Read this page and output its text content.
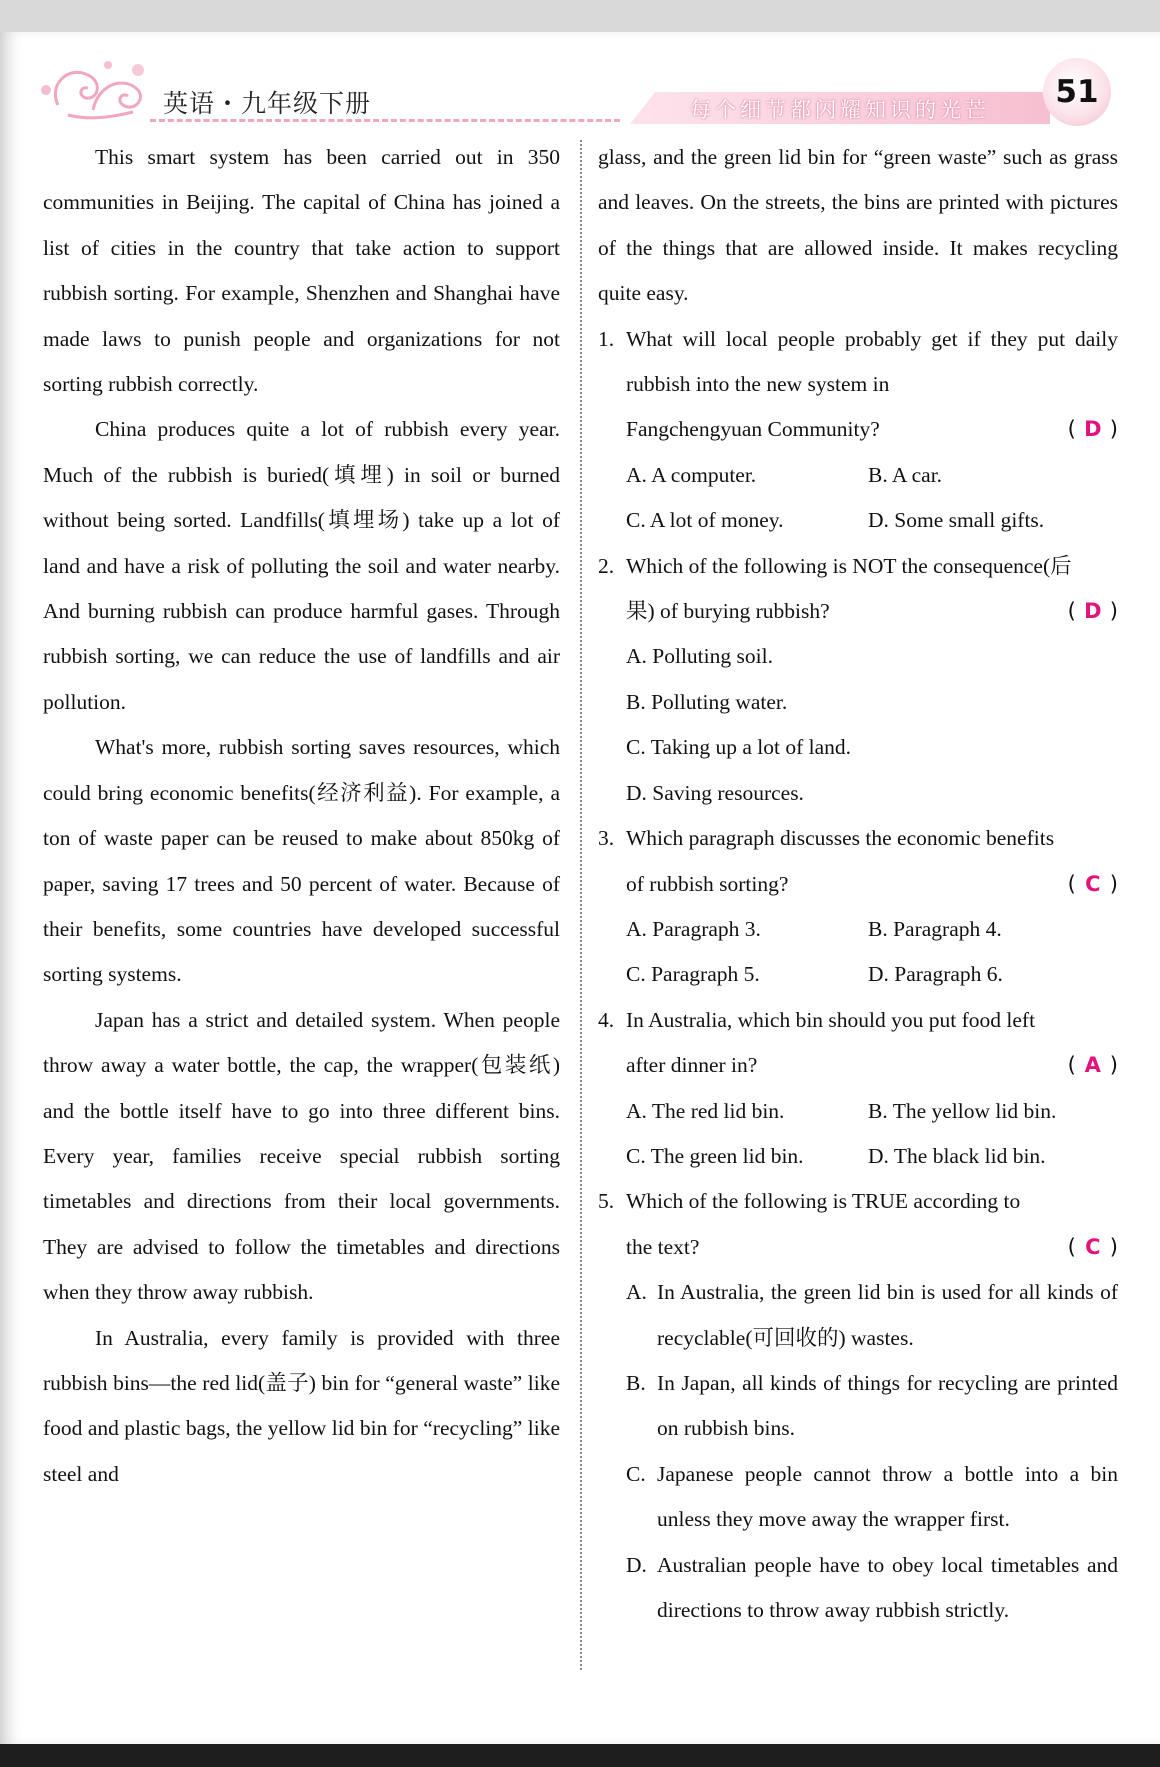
英语・九年级下册	每个细节都闪耀知识的光芒	51

This smart system has been carried out in 350 communities in Beijing. The capital of China has joined a list of cities in the country that take action to support rubbish sorting. For example, Shenzhen and Shanghai have made laws to punish people and organizations for not sorting rubbish correctly.

China produces quite a lot of rubbish every year. Much of the rubbish is buried(填埋) in soil or burned without being sorted. Landfills(填埋场) take up a lot of land and have a risk of polluting the soil and water nearby. And burning rubbish can produce harmful gases. Through rubbish sorting, we can reduce the use of landfills and air pollution.

What's more, rubbish sorting saves resources, which could bring economic benefits(经济利益). For example, a ton of waste paper can be reused to make about 850kg of paper, saving 17 trees and 50 percent of water. Because of their benefits, some countries have developed successful sorting systems.

Japan has a strict and detailed system. When people throw away a water bottle, the cap, the wrapper(包装纸) and the bottle itself have to go into three different bins. Every year, families receive special rubbish sorting timetables and directions from their local governments. They are advised to follow the timetables and directions when they throw away rubbish.

In Australia, every family is provided with three rubbish bins—the red lid(盖子) bin for “general waste” like food and plastic bags, the yellow lid bin for “recycling” like steel and

glass, and the green lid bin for “green waste” such as grass and leaves. On the streets, the bins are printed with pictures of the things that are allowed inside. It makes recycling quite easy.

1. What will local people probably get if they put daily rubbish into the new system in
Fangchengyuan Community?	( D )

A. A computer.	B. A car.
C. A lot of money.	D. Some small gifts.

2. Which of the following is NOT the consequence(后
果) of burying rubbish?	( D )

A. Polluting soil.
B. Polluting water.
C. Taking up a lot of land.
D. Saving resources.

3. Which paragraph discusses the economic benefits
of rubbish sorting?	( C )

A. Paragraph 3.	B. Paragraph 4.
C. Paragraph 5.	D. Paragraph 6.

4. In Australia, which bin should you put food left
after dinner in?	( A )

A. The red lid bin.	B. The yellow lid bin.
C. The green lid bin.	D. The black lid bin.

5. Which of the following is TRUE according to
the text?	( C )

A. In Australia, the green lid bin is used for all kinds of recyclable(可回收的) wastes.

B. In Japan, all kinds of things for recycling are printed on rubbish bins.

C. Japanese people cannot throw a bottle into a bin unless they move away the wrapper first.

D. Australian people have to obey local timetables and directions to throw away rubbish strictly.
